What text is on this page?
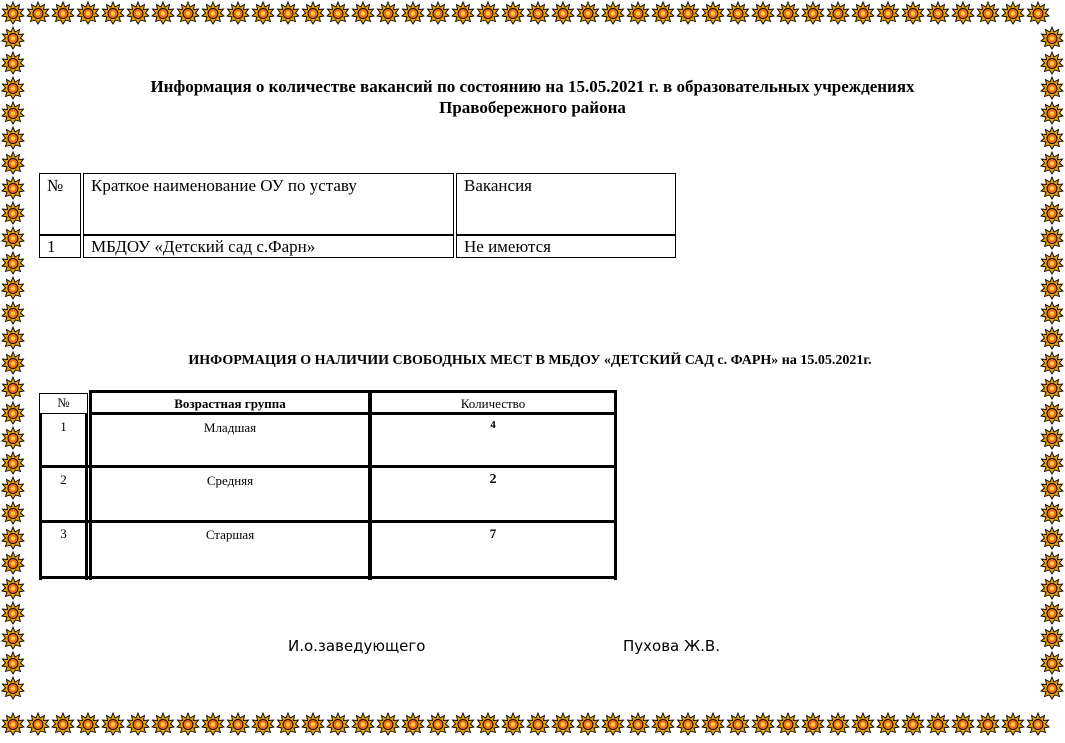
Информация о количестве вакансий по состоянию на 15.05.2021 г. в образовательных учреждениях
Правобережного района
№	Краткое наименование ОУ по уставу	Вакансия
1	МБДОУ «Детский сад с.Фарн»	Не имеются
ИНФОРМАЦИЯ О НАЛИЧИИ СВОБОДНЫХ МЕСТ В МБДОУ «ДЕТСКИЙ САД с. ФАРН» на 15.05.2021г.
№	Возрастная группа	Количество
1	Младшая	4
2	Средняя	2
3	Старшая	7
И.о.заведующего	Пухова Ж.В.
